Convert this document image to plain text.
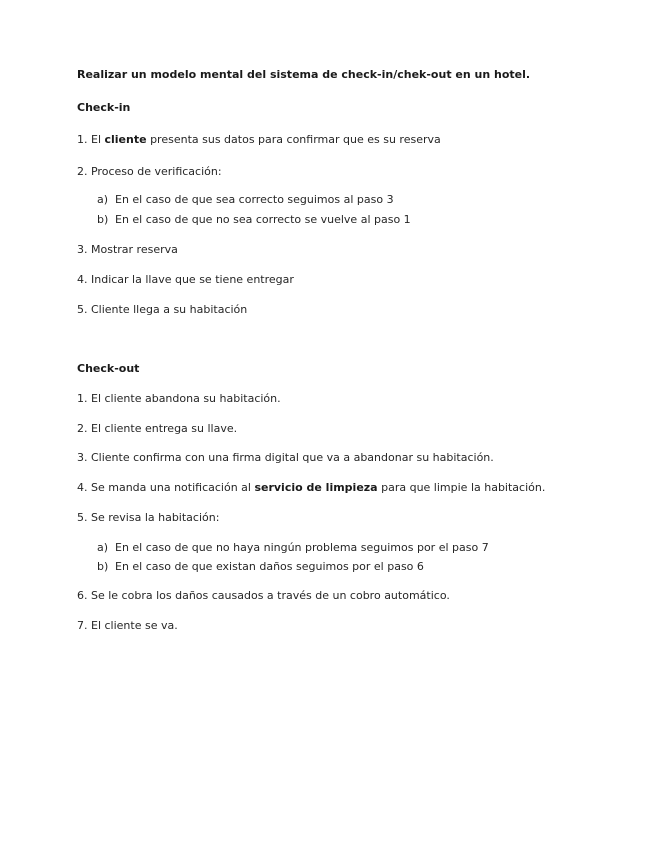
Realizar un modelo mental del sistema de check-in/chek-out en un hotel.
Check-in
1. El cliente presenta sus datos para confirmar que es su reserva
2. Proceso de verificación:
a) En el caso de que sea correcto seguimos al paso 3
b) En el caso de que no sea correcto se vuelve al paso 1
3. Mostrar reserva
4. Indicar la llave que se tiene entregar
5. Cliente llega a su habitación
Check-out
1. El cliente abandona su habitación.
2. El cliente entrega su llave.
3. Cliente confirma con una firma digital que va a abandonar su habitación.
4. Se manda una notificación al servicio de limpieza para que limpie la habitación.
5. Se revisa la habitación:
a) En el caso de que no haya ningún problema seguimos por el paso 7
b) En el caso de que existan daños seguimos por el paso 6
6. Se le cobra los daños causados a través de un cobro automático.
7. El cliente se va.
